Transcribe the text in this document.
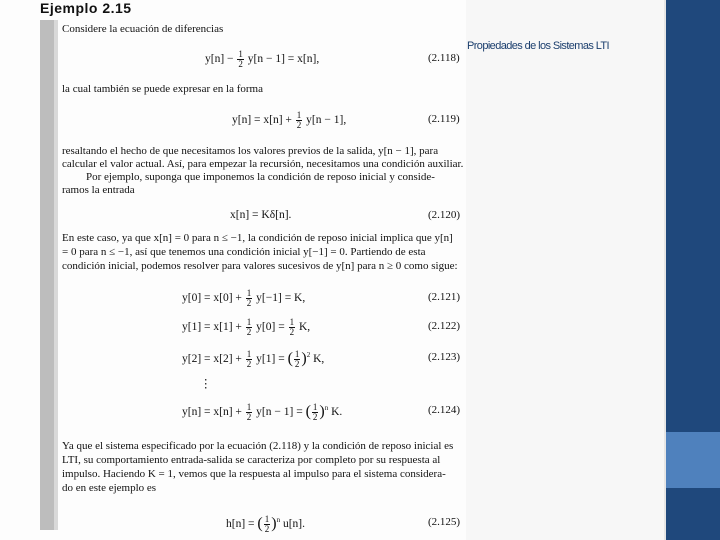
Ejemplo 2.15
Considere la ecuación de diferencias
$y[n] - \frac{1}{2} y[n - 1] = x[n]$,	(2.118)
la cual también se puede expresar en la forma
$y[n] = x[n] + \frac{1}{2} y[n - 1]$,	(2.119)
resaltando el hecho de que necesitamos los valores previos de la salida, y[n − 1], para
calcular el valor actual. Así, para empezar la recursión, necesitamos una condición auxiliar.
Por ejemplo, suponga que imponemos la condición de reposo inicial y conside-
ramos la entrada
x[n] = Kδ[n].	(2.120)
En este caso, ya que x[n] = 0 para n ≤ −1, la condición de reposo inicial implica que y[n]
= 0 para n ≤ −1, así que tenemos una condición inicial y[−1] = 0. Partiendo de esta
condición inicial, podemos resolver para valores sucesivos de y[n] para n ≥ 0 como sigue:
$y[0] = x[0] + \frac{1}{2} y[-1] = K$,	(2.121)
$y[1] = x[1] + \frac{1}{2} y[0] = \frac{1}{2} K$,	(2.122)
$y[2] = x[2] + \frac{1}{2} y[1]$ = ( $\frac{1}{2} )^2$ K,	(2.123)
⋮
$y[n] = x[n] + \frac{1}{2} y[n - 1]$ = ( $\frac{1}{2} )^n$ K.	(2.124)
Ya que el sistema especificado por la ecuación (2.118) y la condición de reposo inicial es
LTI, su comportamiento entrada-salida se caracteriza por completo por su respuesta al
impulso. Haciendo K = 1, vemos que la respuesta al impulso para el sistema considera-
do en este ejemplo es
h[n] = ( $\frac{1}{2} )^n$ u[n].	(2.125)
Propiedades de los Sistemas LTI
